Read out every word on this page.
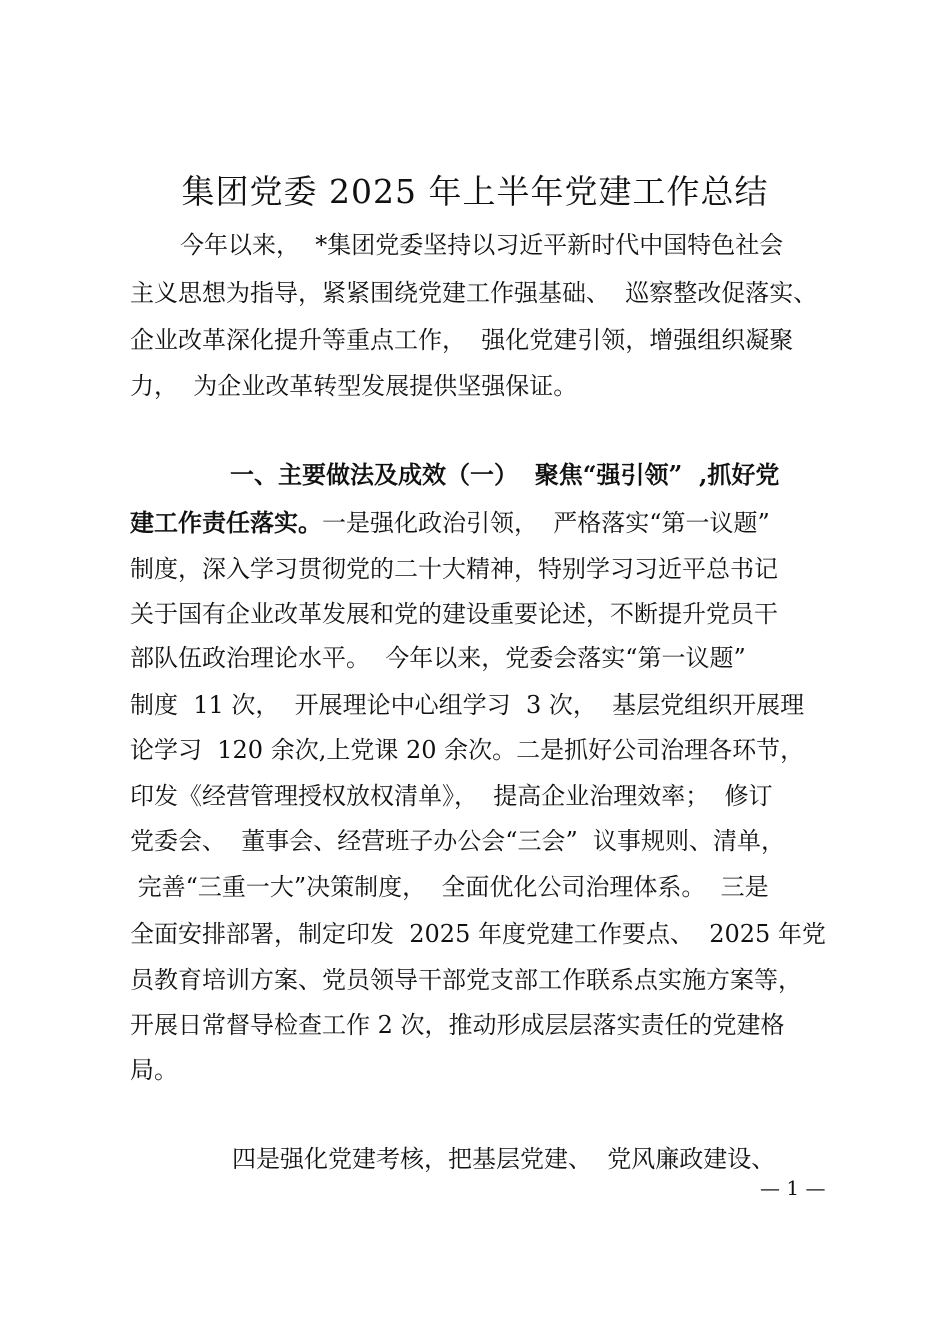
集团党委 2025 年上半年党建工作总结
今年以来，  *集团党委坚持以习近平新时代中国特色社会
主义思想为指导，紧紧围绕党建工作强基础、  巡察整改促落实、
企业改革深化提升等重点工作，  强化党建引领，增强组织凝聚
力，  为企业改革转型发展提供坚强保证。
一、主要做法及成效（一）  聚焦“强引领”  ,抓好党
建工作责任落实。一是强化政治引领，  严格落实“第一议题”
制度，深入学习贯彻党的二十大精神，特别学习习近平总书记
关于国有企业改革发展和党的建设重要论述，不断提升党员干
部队伍政治理论水平。  今年以来，党委会落实“第一议题”
制度  11 次，  开展理论中心组学习  3 次，  基层党组织开展理
论学习  120 余次,上党课 20 余次。二是抓好公司治理各环节，
印发《经营管理授权放权清单》，  提高企业治理效率；  修订
党委会、  董事会、经营班子办公会“三会”  议事规则、清单，
完善“三重一大”决策制度，  全面优化公司治理体系。  三是
全面安排部署，制定印发  2025 年度党建工作要点、  2025 年党
员教育培训方案、党员领导干部党支部工作联系点实施方案等，
开展日常督导检查工作 2 次，推动形成层层落实责任的党建格
局。
四是强化党建考核，把基层党建、  党风廉政建设、
— 1 —
